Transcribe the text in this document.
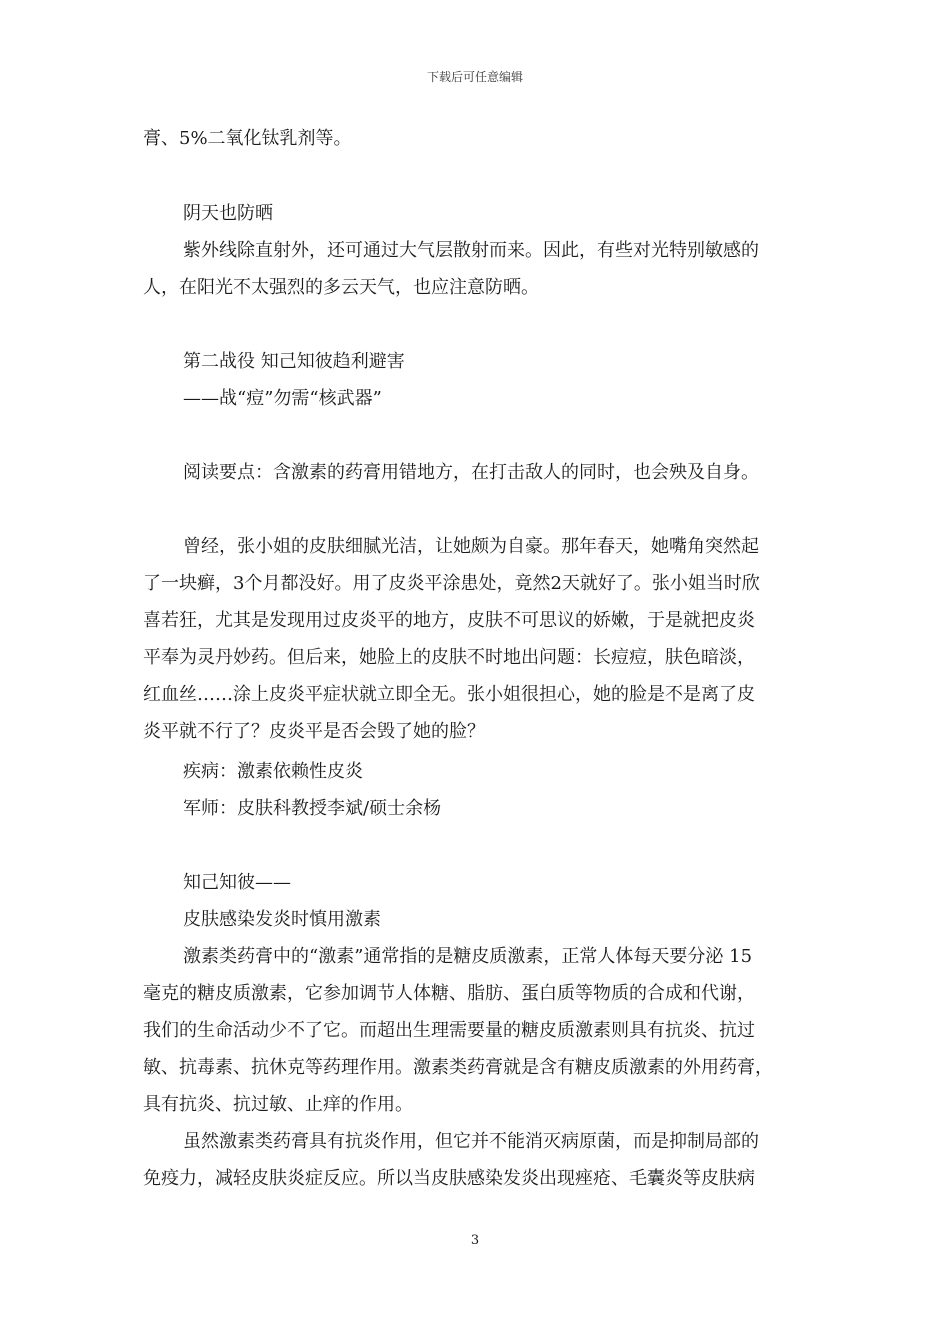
下载后可任意编辑
膏、5%二氧化钛乳剂等。
阴天也防晒
紫外线除直射外，还可通过大气层散射而来。因此，有些对光特别敏感的
人，在阳光不太强烈的多云天气，也应注意防晒。
第二战役 知己知彼趋利避害
——战“痘”勿需“核武器”
阅读要点：含激素的药膏用错地方，在打击敌人的同时，也会殃及自身。
曾经，张小姐的皮肤细腻光洁，让她颇为自豪。那年春天，她嘴角突然起
了一块癣，3个月都没好。用了皮炎平涂患处，竟然2天就好了。张小姐当时欣
喜若狂，尤其是发现用过皮炎平的地方，皮肤不可思议的娇嫩，于是就把皮炎
平奉为灵丹妙药。但后来，她脸上的皮肤不时地出问题：长痘痘，肤色暗淡，
红血丝……涂上皮炎平症状就立即全无。张小姐很担心，她的脸是不是离了皮
炎平就不行了？皮炎平是否会毁了她的脸？
疾病：激素依赖性皮炎
军师：皮肤科教授李斌/硕士余杨
知己知彼——
皮肤感染发炎时慎用激素
激素类药膏中的“激素”通常指的是糖皮质激素，正常人体每天要分泌 15
毫克的糖皮质激素，它参加调节人体糖、脂肪、蛋白质等物质的合成和代谢，
我们的生命活动少不了它。而超出生理需要量的糖皮质激素则具有抗炎、抗过
敏、抗毒素、抗休克等药理作用。激素类药膏就是含有糖皮质激素的外用药膏，
具有抗炎、抗过敏、止痒的作用。
虽然激素类药膏具有抗炎作用，但它并不能消灭病原菌，而是抑制局部的
免疫力，减轻皮肤炎症反应。所以当皮肤感染发炎出现痤疮、毛囊炎等皮肤病
3
